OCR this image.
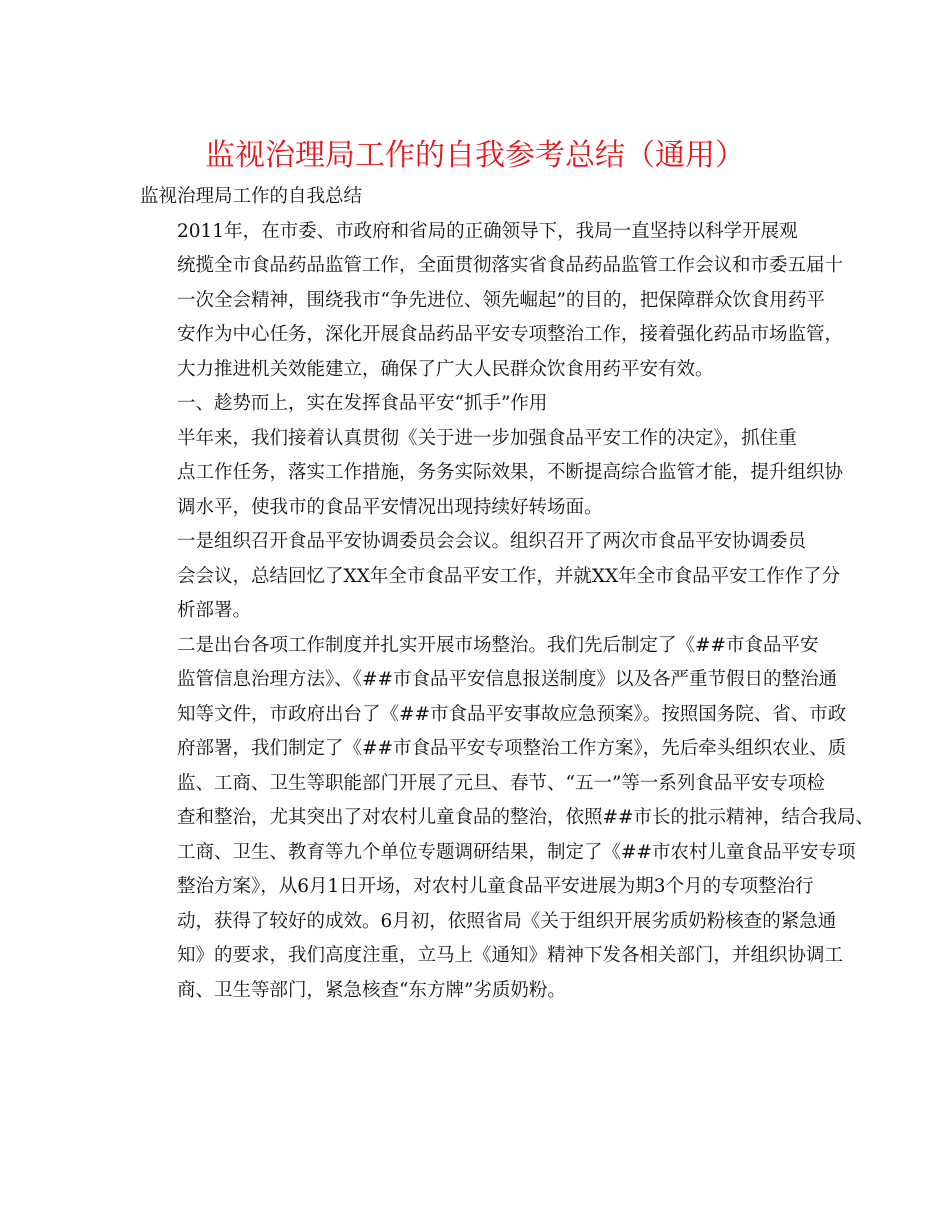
监视治理局工作的自我参考总结（通用）

监视治理局工作的自我总结

2011年，在市委、市政府和省局的正确领导下，我局一直坚持以科学开展观
统揽全市食品药品监管工作，全面贯彻落实省食品药品监管工作会议和市委五届十
一次全会精神，围绕我市“争先进位、领先崛起”的目的，把保障群众饮食用药平
安作为中心任务，深化开展食品药品平安专项整治工作，接着强化药品市场监管，
大力推进机关效能建立，确保了广大人民群众饮食用药平安有效。

一、趁势而上，实在发挥食品平安“抓手”作用

半年来，我们接着认真贯彻《关于进一步加强食品平安工作的决定》，抓住重
点工作任务，落实工作措施，务务实际效果，不断提高综合监管才能，提升组织协
调水平，使我市的食品平安情况出现持续好转场面。

一是组织召开食品平安协调委员会会议。组织召开了两次市食品平安协调委员
会会议，总结回忆了XX年全市食品平安工作，并就XX年全市食品平安工作作了分
析部署。

二是出台各项工作制度并扎实开展市场整治。我们先后制定了《##市食品平安
监管信息治理方法》、《##市食品平安信息报送制度》以及各严重节假日的整治通
知等文件，市政府出台了《##市食品平安事故应急预案》。按照国务院、省、市政
府部署，我们制定了《##市食品平安专项整治工作方案》，先后牵头组织农业、质
监、工商、卫生等职能部门开展了元旦、春节、“五一”等一系列食品平安专项检
查和整治，尤其突出了对农村儿童食品的整治，依照##市长的批示精神，结合我局、
工商、卫生、教育等九个单位专题调研结果，制定了《##市农村儿童食品平安专项
整治方案》，从6月1日开场，对农村儿童食品平安进展为期3个月的专项整治行
动，获得了较好的成效。6月初，依照省局《关于组织开展劣质奶粉核查的紧急通
知》的要求，我们高度注重，立马上《通知》精神下发各相关部门，并组织协调工
商、卫生等部门，紧急核查“东方牌”劣质奶粉。
